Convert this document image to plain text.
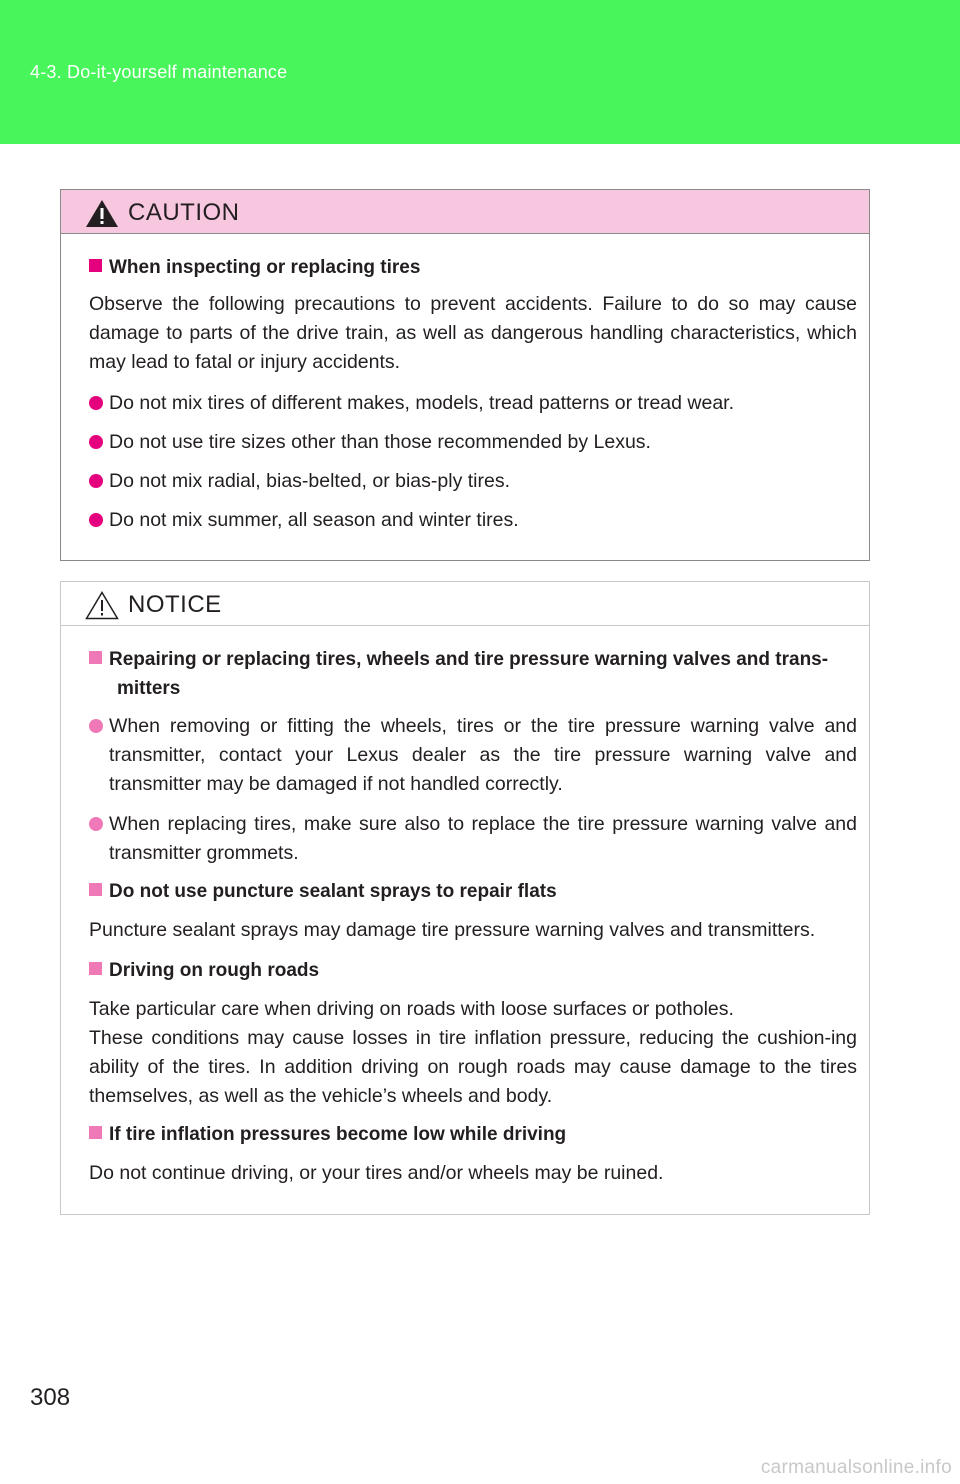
4-3. Do-it-yourself maintenance
CAUTION
When inspecting or replacing tires
Observe the following precautions to prevent accidents. Failure to do so may cause damage to parts of the drive train, as well as dangerous handling characteristics, which may lead to fatal or injury accidents.
Do not mix tires of different makes, models, tread patterns or tread wear.
Do not use tire sizes other than those recommended by Lexus.
Do not mix radial, bias-belted, or bias-ply tires.
Do not mix summer, all season and winter tires.
NOTICE
Repairing or replacing tires, wheels and tire pressure warning valves and trans-mitters
When removing or fitting the wheels, tires or the tire pressure warning valve and transmitter, contact your Lexus dealer as the tire pressure warning valve and transmitter may be damaged if not handled correctly.
When replacing tires, make sure also to replace the tire pressure warning valve and transmitter grommets.
Do not use puncture sealant sprays to repair flats
Puncture sealant sprays may damage tire pressure warning valves and transmitters.
Driving on rough roads
Take particular care when driving on roads with loose surfaces or potholes.
These conditions may cause losses in tire inflation pressure, reducing the cushion-ing ability of the tires. In addition driving on rough roads may cause damage to the tires themselves, as well as the vehicle’s wheels and body.
If tire inflation pressures become low while driving
Do not continue driving, or your tires and/or wheels may be ruined.
308
carmanualsonline.info
